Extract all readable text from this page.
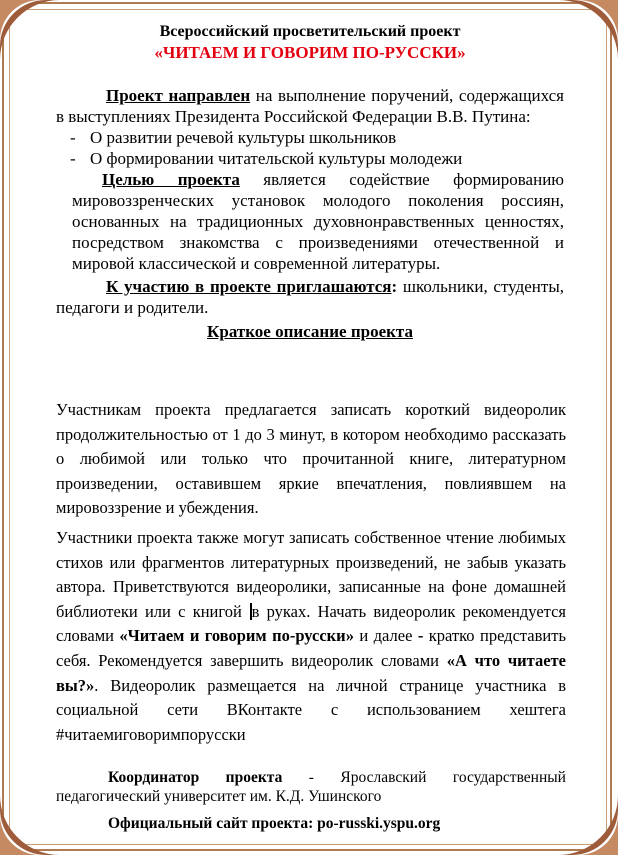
Всероссийский просветительский проект
«ЧИТАЕМ И ГОВОРИМ ПО-РУССКИ»

Проект направлен на выполнение поручений, содержащихся в выступлениях Президента Российской Федерации В.В. Путина:

- О развитии речевой культуры школьников
- О формировании читательской культуры молодежи

Целью проекта является содействие формированию мировоззренческих установок молодого поколения россиян, основанных на традиционных духовнонравственных ценностях, посредством знакомства с произведениями отечественной и мировой классической и современной литературы.

К участию в проекте приглашаются: школьники, студенты, педагоги и родители.

Краткое описание проекта

Участникам проекта предлагается записать короткий видеоролик продолжительностью от 1 до 3 минут, в котором необходимо рассказать о любимой или только что прочитанной книге, литературном произведении, оставившем яркие впечатления, повлиявшем на мировоззрение и убеждения.

Участники проекта также могут записать собственное чтение любимых стихов или фрагментов литературных произведений, не забыв указать автора. Приветствуются видеоролики, записанные на фоне домашней библиотеки или с книгой в руках. Начать видеоролик рекомендуется словами «Читаем и говорим по-русски» и далее - кратко представить себя. Рекомендуется завершить видеоролик словами «А что читаете вы?». Видеоролик размещается на личной странице участника в социальной сети ВКонтакте с использованием хештега #читаемиговоримпорусски

Координатор проекта - Ярославский государственный педагогический университет им. К.Д. Ушинского

Официальный сайт проекта: po-russki.yspu.org
